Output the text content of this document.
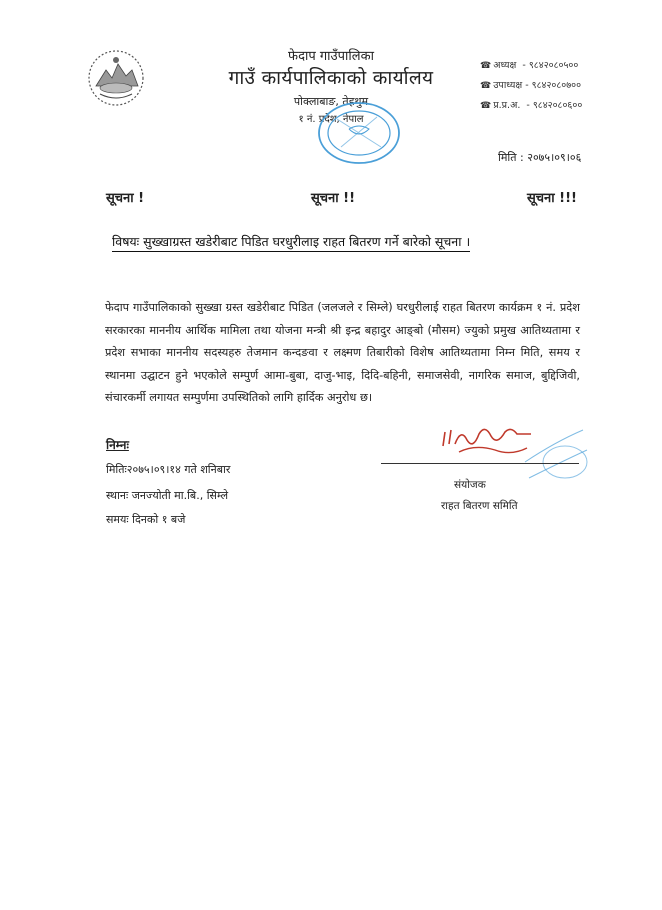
फेदाप गाउँपालिका
गाउँ कार्यपालिकाको कार्यालय
पोक्लाबाङ, तेह्रथुम
१ नं. प्रदेश, नेपाल
☎ अध्यक्ष - ९८४२०८०५००
☎ उपाध्यक्ष - ९८४२०८०७००
☎ प्र.प्र.अ. - ९८४२०८०६००
मिति : २०७५।०९।०६
सूचना !	सूचना !!	सूचना !!!
विषयः सुख्खाग्रस्त खडेरीबाट पिडित घरधुरीलाइ राहत बितरण गर्ने बारेको सूचना ।
फेदाप गाउँपालिकाको सुख्खा ग्रस्त खडेरीबाट पिडित (जलजले र सिम्ले) घरधुरीलाई राहत बितरण कार्यक्रम १ नं. प्रदेश सरकारका माननीय आर्थिक मामिला तथा योजना मन्त्री श्री इन्द्र बहादुर आङ्बो (मौसम) ज्युको प्रमुख आतिथ्यतामा र प्रदेश सभाका माननीय सदस्यहरु तेजमान कन्दङवा र लक्ष्मण तिबारीको विशेष आतिथ्यतामा निम्न मिति, समय र स्थानमा उद्घाटन हुने भएकोले सम्पुर्ण आमा-बुबा, दाजु-भाइ, दिदि-बहिनी, समाजसेवी, नागरिक समाज, बुद्दिजिवी, संचारकर्मी लगायत सम्पुर्णमा उपस्थितिको लागि हार्दिक अनुरोध छ।
निम्नः
मितिः२०७५।०९।१४ गते शनिबार
स्थानः जनज्योती मा.बि., सिम्ले
समयः दिनको १ बजे
संयोजक
राहत बितरण समिति
